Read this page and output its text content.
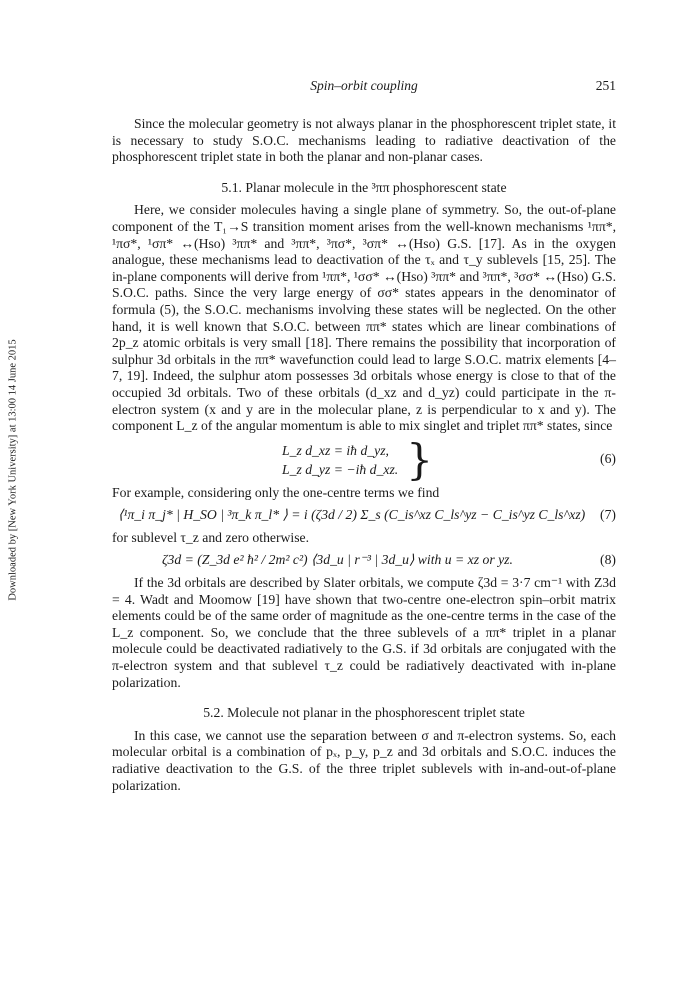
Downloaded by [New York University] at 13:00 14 June 2015
Spin–orbit coupling	251

Since the molecular geometry is not always planar in the phosphorescent triplet state, it is necessary to study S.O.C. mechanisms leading to radiative deactivation of the phosphorescent triplet state in both the planar and non-planar cases.

5.1. Planar molecule in the ³ππ phosphorescent state

Here, we consider molecules having a single plane of symmetry. So, the out-of-plane component of the T₁→S transition moment arises from the well-known mechanisms ¹ππ*, ¹πσ*, ¹σπ* ↔(Hso) ³ππ* and ³ππ*, ³πσ*, ³σπ* ↔(Hso) G.S. [17]. As in the oxygen analogue, these mechanisms lead to deactivation of the τₓ and τ_y sublevels [15, 25]. The in-plane components will derive from ¹ππ*, ¹σσ* ↔(Hso) ³ππ* and ³ππ*, ³σσ* ↔(Hso) G.S. S.O.C. paths. Since the very large energy of σσ* states appears in the denominator of formula (5), the S.O.C. mechanisms involving these states will be neglected. On the other hand, it is well known that S.O.C. between ππ* states which are linear combinations of 2p_z atomic orbitals is very small [18]. There remains the possibility that incorporation of sulphur 3d orbitals in the ππ* wavefunction could lead to large S.O.C. matrix elements [4–7, 19]. Indeed, the sulphur atom possesses 3d orbitals whose energy is close to that of the occupied 3d orbitals. Two of these orbitals (d_xz and d_yz) could participate in the π-electron system (x and y are in the molecular plane, z is perpendicular to x and y). The component L_z of the angular momentum is able to mix singlet and triplet ππ* states, since

L_z d_xz = iħ d_yz,
L_z d_yz = −iħ d_xz. }	(6)

For example, considering only the one-centre terms we find

⟨¹π_i π_j* | H_SO | ³π_k π_l* ⟩ = i (ζ3d / 2) Σ_s (C_is^xz C_ls^yz − C_is^yz C_ls^xz) (7)

for sublevel τ_z and zero otherwise.

ζ3d = (Z_3d e² ħ² / 2m² c²) ⟨3d_u | r⁻³ | 3d_u⟩ with u = xz or yz.	(8)

If the 3d orbitals are described by Slater orbitals, we compute ζ3d = 3·7 cm⁻¹ with Z3d = 4. Wadt and Moomow [19] have shown that two-centre one-electron spin–orbit matrix elements could be of the same order of magnitude as the one-centre terms in the case of the L_z component. So, we conclude that the three sublevels of a ππ* triplet in a planar molecule could be deactivated radiatively to the G.S. if 3d orbitals are conjugated with the π-electron system and that sublevel τ_z could be radiatively deactivated with in-plane polarization.

5.2. Molecule not planar in the phosphorescent triplet state

In this case, we cannot use the separation between σ and π-electron systems. So, each molecular orbital is a combination of pₓ, p_y, p_z and 3d orbitals and S.O.C. induces the radiative deactivation to the G.S. of the three triplet sublevels with in-and-out-of-plane polarization.
